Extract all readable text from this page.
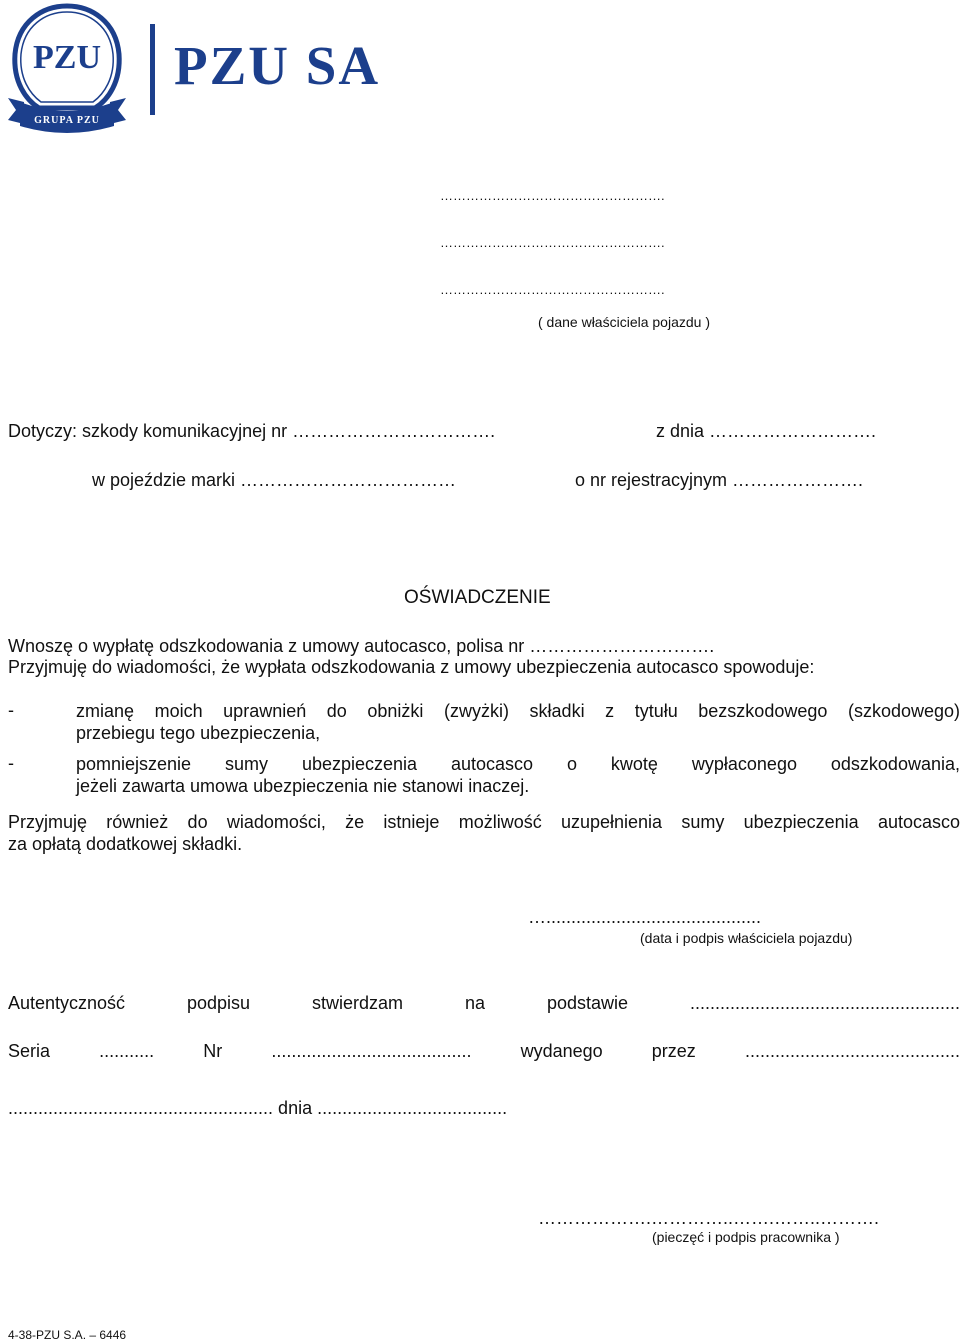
PZU
GRUPA PZU
PZU SA
…………………………………………….
…………………………………………….
…………………………………………….
( dane właściciela pojazdu )
Dotyczy: szkody komunikacyjnej nr …………………………….	z dnia ……………………….
w pojeździe marki ………………………………	o nr rejestracyjnym ………………….
OŚWIADCZENIE
Wnoszę o wypłatę odszkodowania z umowy autocasco, polisa nr ………………………….
Przyjmuję do wiadomości, że wypłata odszkodowania z umowy ubezpieczenia autocasco spowoduje:
-	zmianę moich uprawnień do obniżki (zwyżki) składki z tytułu bezszkodowego (szkodowego)
4-38-PZU S.A. – 6446
przebiegu tego ubezpieczenia,
-	pomniejszenie sumy ubezpieczenia autocasco o kwotę wypłaconego odszkodowania,
jeżeli zawarta umowa ubezpieczenia nie stanowi inaczej.
Przyjmuję również do wiadomości, że istnieje możliwość uzupełnienia sumy ubezpieczenia autocasco
za opłatą dodatkowej składki.
…...........................................
(data i podpis właściciela pojazdu)
Autentyczność podpisu stwierdzam na podstawie ......................................................
Seria ........... Nr ........................................ wydanego przez ...........................................
..................................................... dnia ......................................
……………….…………..…….……..……….
(pieczęć i podpis pracownika )
